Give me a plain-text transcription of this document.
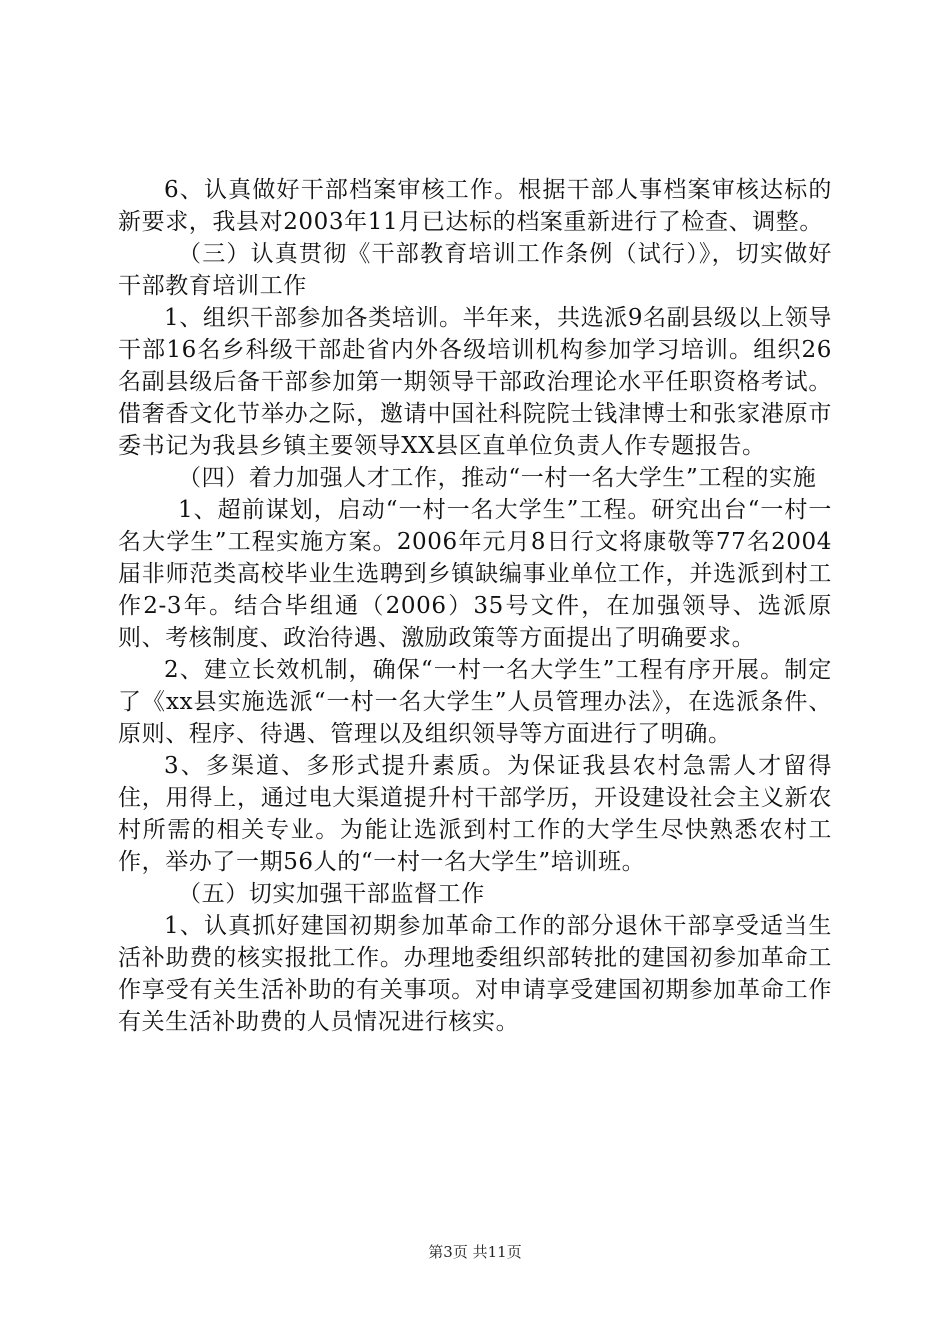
6、认真做好干部档案审核工作。根据干部人事档案审核达标的新要求，我县对2003年11月已达标的档案重新进行了检查、调整。

（三）认真贯彻《干部教育培训工作条例（试行）》，切实做好干部教育培训工作

1、组织干部参加各类培训。半年来，共选派9名副县级以上领导干部16名乡科级干部赴省内外各级培训机构参加学习培训。组织26名副县级后备干部参加第一期领导干部政治理论水平任职资格考试。借奢香文化节举办之际，邀请中国社科院院士钱津博士和张家港原市委书记为我县乡镇主要领导XX县区直单位负责人作专题报告。

（四）着力加强人才工作，推动“一村一名大学生”工程的实施

1、超前谋划，启动“一村一名大学生”工程。研究出台“一村一名大学生”工程实施方案。2006年元月8日行文将康敬等77名2004届非师范类高校毕业生选聘到乡镇缺编事业单位工作，并选派到村工作2-3年。结合毕组通（2006）35号文件，在加强领导、选派原则、考核制度、政治待遇、激励政策等方面提出了明确要求。

2、建立长效机制，确保“一村一名大学生”工程有序开展。制定了《xx县实施选派“一村一名大学生”人员管理办法》，在选派条件、原则、程序、待遇、管理以及组织领导等方面进行了明确。

3、多渠道、多形式提升素质。为保证我县农村急需人才留得住，用得上，通过电大渠道提升村干部学历，开设建设社会主义新农村所需的相关专业。为能让选派到村工作的大学生尽快熟悉农村工作，举办了一期56人的“一村一名大学生”培训班。

（五）切实加强干部监督工作

1、认真抓好建国初期参加革命工作的部分退休干部享受适当生活补助费的核实报批工作。办理地委组织部转批的建国初参加革命工作享受有关生活补助的有关事项。对申请享受建国初期参加革命工作有关生活补助费的人员情况进行核实。

第3页 共11页
